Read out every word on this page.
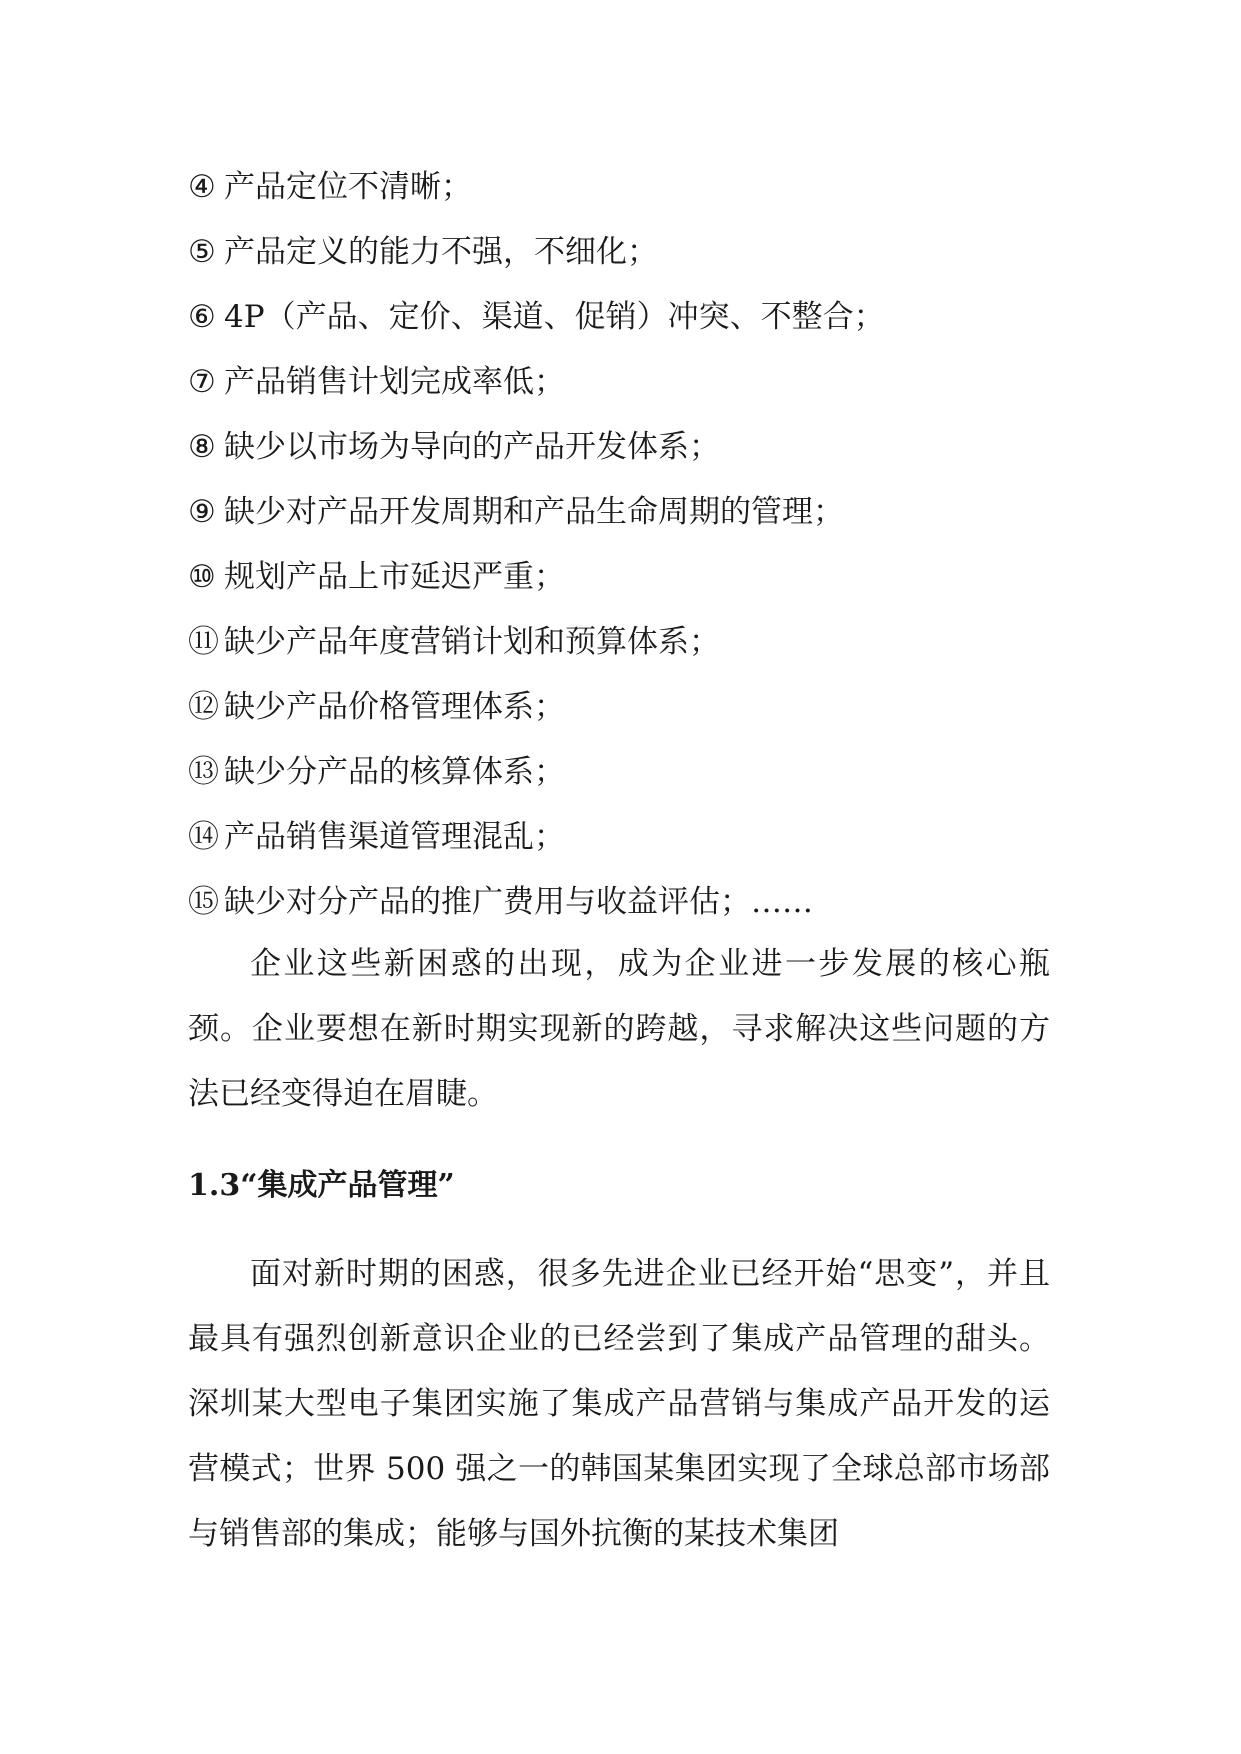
④ 产品定位不清晰；
⑤ 产品定义的能力不强，不细化；
⑥ 4P（产品、定价、渠道、促销）冲突、不整合；
⑦ 产品销售计划完成率低；
⑧ 缺少以市场为导向的产品开发体系；
⑨ 缺少对产品开发周期和产品生命周期的管理；
⑩ 规划产品上市延迟严重；
⑪ 缺少产品年度营销计划和预算体系；
⑫ 缺少产品价格管理体系；
⑬ 缺少分产品的核算体系；
⑭ 产品销售渠道管理混乱；
⑮ 缺少对分产品的推广费用与收益评估；……

企业这些新困惑的出现，成为企业进一步发展的核心瓶颈。企业要想在新时期实现新的跨越，寻求解决这些问题的方法已经变得迫在眉睫。

1.3“集成产品管理”

面对新时期的困惑，很多先进企业已经开始“思变”，并且最具有强烈创新意识企业的已经尝到了集成产品管理的甜头。深圳某大型电子集团实施了集成产品营销与集成产品开发的运营模式；世界 500 强之一的韩国某集团实现了全球总部市场部与销售部的集成；能够与国外抗衡的某技术集团
